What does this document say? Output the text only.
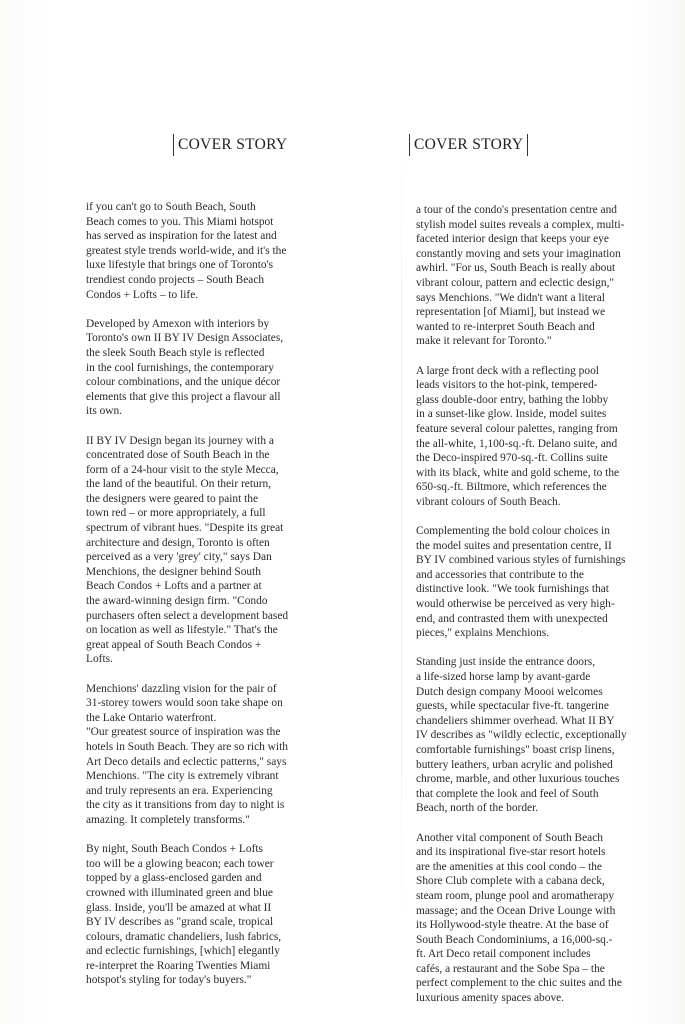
COVER STORY	COVER STORY
if you can't go to South Beach, South
Beach comes to you. This Miami hotspot
has served as inspiration for the latest and
greatest style trends world-wide, and it's the
luxe lifestyle that brings one of Toronto's
trendiest condo projects – South Beach
Condos + Lofts – to life.
Developed by Amexon with interiors by
Toronto's own II BY IV Design Associates,
the sleek South Beach style is reflected
in the cool furnishings, the contemporary
colour combinations, and the unique décor
elements that give this project a flavour all
its own.
II BY IV Design began its journey with a
concentrated dose of South Beach in the
form of a 24-hour visit to the style Mecca,
the land of the beautiful. On their return,
the designers were geared to paint the
town red – or more appropriately, a full
spectrum of vibrant hues. "Despite its great
architecture and design, Toronto is often
perceived as a very 'grey' city," says Dan
Menchions, the designer behind South
Beach Condos + Lofts and a partner at
the award-winning design firm. "Condo
purchasers often select a development based
on location as well as lifestyle." That's the
great appeal of South Beach Condos +
Lofts.
Menchions' dazzling vision for the pair of
31-storey towers would soon take shape on
the Lake Ontario waterfront.
"Our greatest source of inspiration was the
hotels in South Beach. They are so rich with
Art Deco details and eclectic patterns," says
Menchions. "The city is extremely vibrant
and truly represents an era. Experiencing
the city as it transitions from day to night is
amazing. It completely transforms."
By night, South Beach Condos + Lofts
too will be a glowing beacon; each tower
topped by a glass-enclosed garden and
crowned with illuminated green and blue
glass. Inside, you'll be amazed at what II
BY IV describes as "grand scale, tropical
colours, dramatic chandeliers, lush fabrics,
and eclectic furnishings, [which] elegantly
re-interpret the Roaring Twenties Miami
hotspot's styling for today's buyers."
a tour of the condo's presentation centre and
stylish model suites reveals a complex, multi-
faceted interior design that keeps your eye
constantly moving and sets your imagination
awhirl. "For us, South Beach is really about
vibrant colour, pattern and eclectic design,"
says Menchions. "We didn't want a literal
representation [of Miami], but instead we
wanted to re-interpret South Beach and
make it relevant for Toronto."
A large front deck with a reflecting pool
leads visitors to the hot-pink, tempered-
glass double-door entry, bathing the lobby
in a sunset-like glow. Inside, model suites
feature several colour palettes, ranging from
the all-white, 1,100-sq.-ft. Delano suite, and
the Deco-inspired 970-sq.-ft. Collins suite
with its black, white and gold scheme, to the
650-sq.-ft. Biltmore, which references the
vibrant colours of South Beach.
Complementing the bold colour choices in
the model suites and presentation centre, II
BY IV combined various styles of furnishings
and accessories that contribute to the
distinctive look. "We took furnishings that
would otherwise be perceived as very high-
end, and contrasted them with unexpected
pieces," explains Menchions.
Standing just inside the entrance doors,
a life-sized horse lamp by avant-garde
Dutch design company Moooi welcomes
guests, while spectacular five-ft. tangerine
chandeliers shimmer overhead. What II BY
IV describes as "wildly eclectic, exceptionally
comfortable furnishings" boast crisp linens,
buttery leathers, urban acrylic and polished
chrome, marble, and other luxurious touches
that complete the look and feel of South
Beach, north of the border.
Another vital component of South Beach
and its inspirational five-star resort hotels
are the amenities at this cool condo – the
Shore Club complete with a cabana deck,
steam room, plunge pool and aromatherapy
massage; and the Ocean Drive Lounge with
its Hollywood-style theatre. At the base of
South Beach Condominiums, a 16,000-sq.-
ft. Art Deco retail component includes
cafés, a restaurant and the Sobe Spa – the
perfect complement to the chic suites and the
luxurious amenity spaces above.
